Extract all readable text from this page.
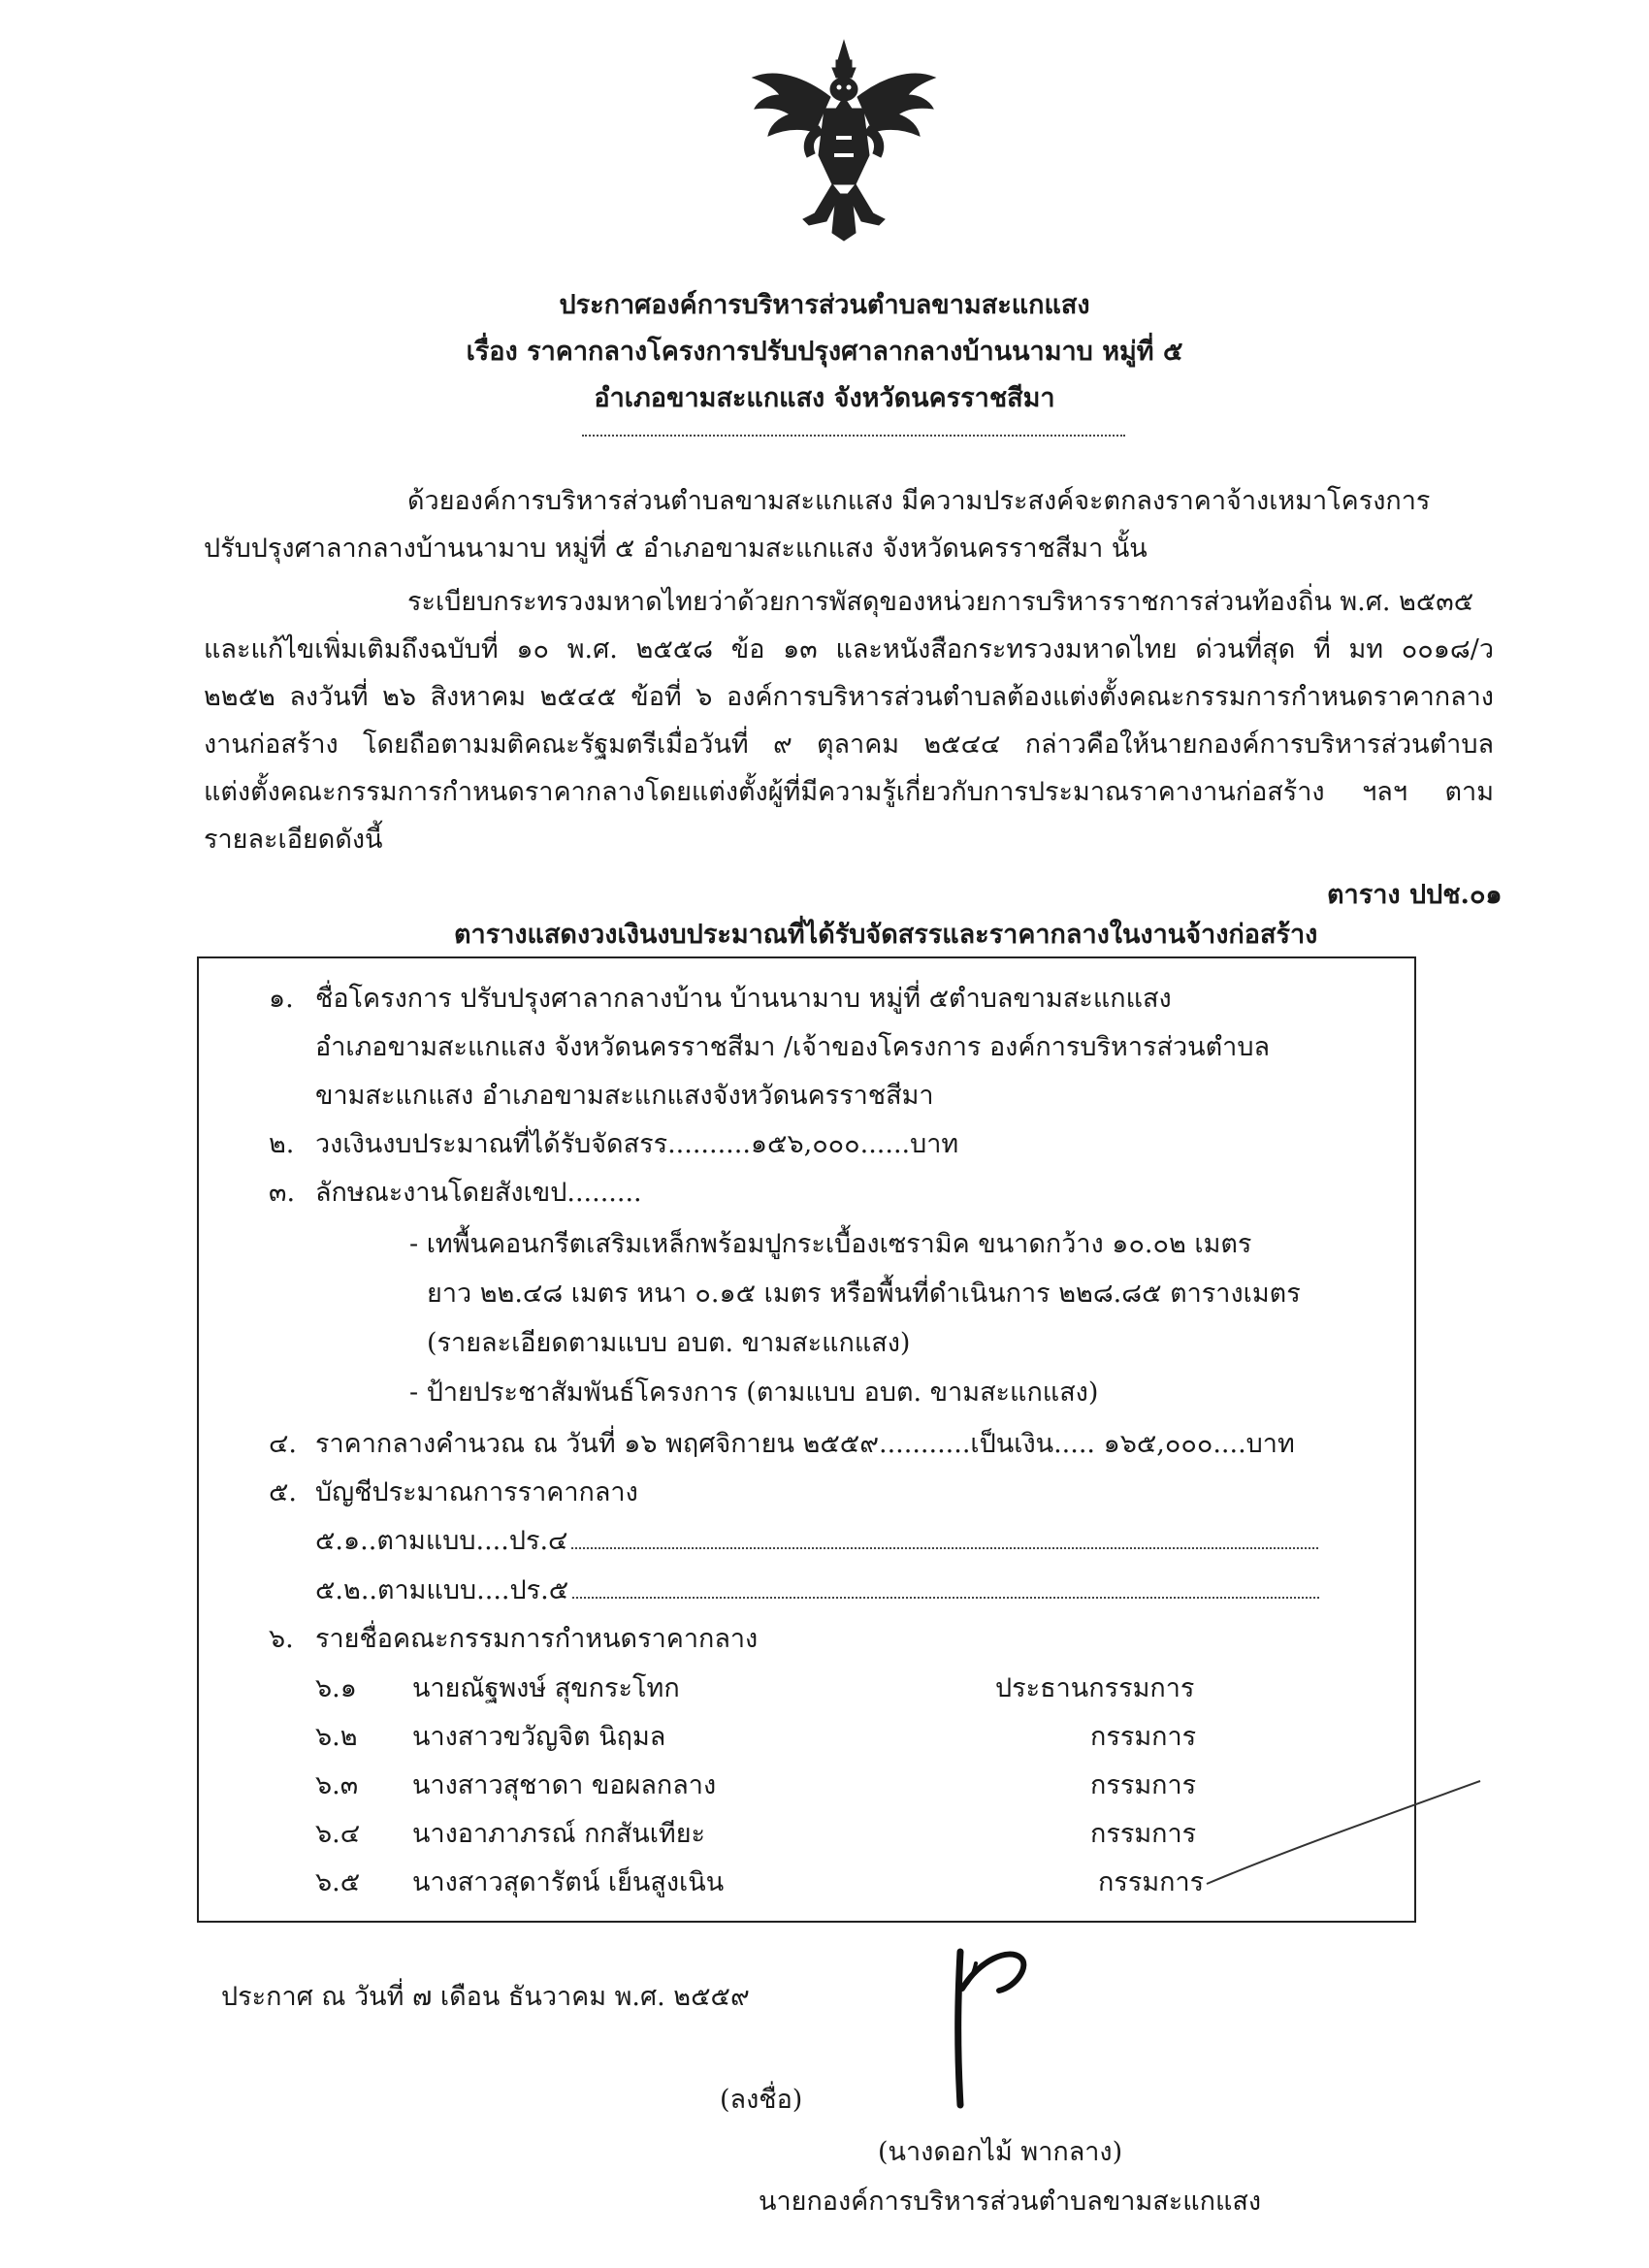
ประกาศองค์การบริหารส่วนตำบลขามสะแกแสง
เรื่อง ราคากลางโครงการปรับปรุงศาลากลางบ้านนามาบ หมู่ที่ ๕
อำเภอขามสะแกแสง จังหวัดนครราชสีมา
ด้วยองค์การบริหารส่วนตำบลขามสะแกแสง มีความประสงค์จะตกลงราคาจ้างเหมาโครงการ
ปรับปรุงศาลากลางบ้านนามาบ หมู่ที่ ๕ อำเภอขามสะแกแสง จังหวัดนครราชสีมา นั้น
ระเบียบกระทรวงมหาดไทยว่าด้วยการพัสดุของหน่วยการบริหารราชการส่วนท้องถิ่น พ.ศ. ๒๕๓๕
และแก้ไขเพิ่มเติมถึงฉบับที่ ๑๐ พ.ศ. ๒๕๕๘ ข้อ ๑๓ และหนังสือกระทรวงมหาดไทย ด่วนที่สุด ที่ มท ๐๐๑๘/ว
๒๒๕๒ ลงวันที่ ๒๖ สิงหาคม ๒๕๔๕ ข้อที่ ๖ องค์การบริหารส่วนตำบลต้องแต่งตั้งคณะกรรมการกำหนดราคากลาง
งานก่อสร้าง โดยถือตามมติคณะรัฐมตรีเมื่อวันที่ ๙ ตุลาคม ๒๕๔๔ กล่าวคือให้นายกองค์การบริหารส่วนตำบล
แต่งตั้งคณะกรรมการกำหนดราคากลางโดยแต่งตั้งผู้ที่มีความรู้เกี่ยวกับการประมาณราคางานก่อสร้าง ฯลฯ ตาม
รายละเอียดดังนี้
ตาราง ปปช.๐๑
ตารางแสดงวงเงินงบประมาณที่ได้รับจัดสรรและราคากลางในงานจ้างก่อสร้าง
๑. ชื่อโครงการ ปรับปรุงศาลากลางบ้าน บ้านนามาบ หมู่ที่ ๕ตำบลขามสะแกแสง
อำเภอขามสะแกแสง จังหวัดนครราชสีมา /เจ้าของโครงการ องค์การบริหารส่วนตำบล
ขามสะแกแสง อำเภอขามสะแกแสงจังหวัดนครราชสีมา
๒. วงเงินงบประมาณที่ได้รับจัดสรร..........๑๕๖,๐๐๐......บาท
๓. ลักษณะงานโดยสังเขป.........
- เทพื้นคอนกรีตเสริมเหล็กพร้อมปูกระเบื้องเซรามิค ขนาดกว้าง ๑๐.๐๒ เมตร
ยาว ๒๒.๔๘ เมตร หนา ๐.๑๕ เมตร หรือพื้นที่ดำเนินการ ๒๒๘.๘๕ ตารางเมตร
(รายละเอียดตามแบบ อบต. ขามสะแกแสง)
- ป้ายประชาสัมพันธ์โครงการ (ตามแบบ อบต. ขามสะแกแสง)
๔. ราคากลางคำนวณ ณ วันที่ ๑๖ พฤศจิกายน ๒๕๕๙...........เป็นเงิน..... ๑๖๕,๐๐๐....บาท
๕. บัญชีประมาณการราคากลาง
๕.๑..ตามแบบ....ปร.๔
๕.๒..ตามแบบ....ปร.๕
๖. รายชื่อคณะกรรมการกำหนดราคากลาง
๖.๑ นายณัฐพงษ์ สุขกระโทก	ประธานกรรมการ
๖.๒ นางสาวขวัญจิต นิฤมล	กรรมการ
๖.๓ นางสาวสุชาดา ขอผลกลาง	กรรมการ
๖.๔ นางอาภาภรณ์ กกสันเทียะ	กรรมการ
๖.๕ นางสาวสุดารัตน์ เย็นสูงเนิน	กรรมการ
ประกาศ ณ วันที่ ๗ เดือน ธันวาคม พ.ศ. ๒๕๕๙
(ลงชื่อ)
(นางดอกไม้ พากลาง)
นายกองค์การบริหารส่วนตำบลขามสะแกแสง
